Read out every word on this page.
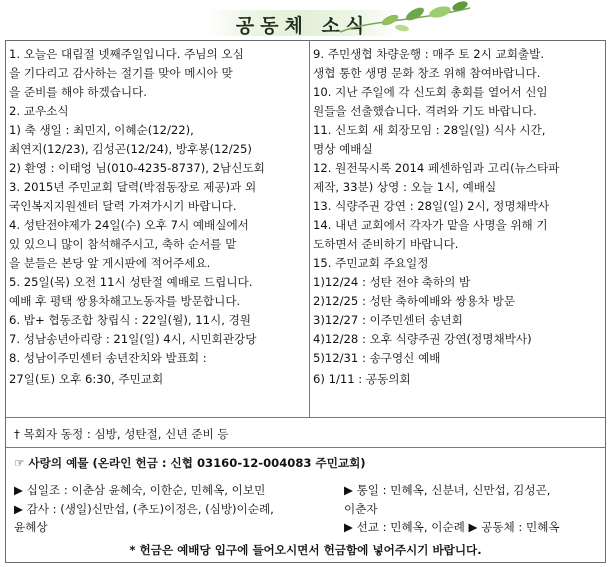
공동체 소식
1. 오늘은 대림절 넷째주일입니다. 주님의 오심
을 기다리고 감사하는 절기를 맞아 메시아 맞
을 준비를 해야 하겠습니다.
2. 교우소식
1) 축 생일 : 최민지, 이혜순(12/22),
최연지(12/23), 김성곤(12/24), 방후봉(12/25)
2) 환영 : 이태엉 님(010-4235-8737), 2남신도회
3. 2015년 주민교회 달력(박점동장로 제공)과 외
국인복지지원센터 달력 가져가시기 바랍니다.
4. 성탄전야제가 24일(수) 오후 7시 예배실에서
있 있으니 많이 참석해주시고, 축하 순서를 맡
을 분들은 본당 앞 게시판에 적어주세요.
5. 25일(목) 오전 11시 성탄절 예배로 드립니다.
예배 후 평택 쌍용차해고노동자를 방문합니다.
6. 밥+ 협동조합 창립식 : 22일(월), 11시, 경원
7. 성남송년아리랑 : 21일(일) 4시, 시민회관강당
8. 성남이주민센터 송년잔치와 발표회 :
27일(토) 오후 6:30, 주민교회
9. 주민생협 차량운행 : 매주 토 2시 교회출발.
생협 통한 생명 문화 창조 위해 참여바랍니다.
10. 지난 주일에 각 신도회 총회를 열어서 신임
원들을 선출했습니다. 격려와 기도 바랍니다.
11. 신도회 새 회장모임 : 28일(일) 식사 시간,
명상 예배실
12. 원전묵시록 2014 페센하임과 고리(뉴스타파
제작, 33분) 상영 : 오늘 1시, 예배실
13. 식량주권 강연 : 28일(일) 2시, 정명채박사
14. 내년 교회에서 각자가 맡을 사명을 위해 기
도하면서 준비하기 바랍니다.
15. 주민교회 주요일정
1)12/24 : 성탄 전야 축하의 밤
2)12/25 : 성탄 축하예배와 쌍용차 방문
3)12/27 : 이주민센터 송년회
4)12/28 : 오후 식량주권 강연(정명채박사)
5)12/31 : 송구영신 예배
6) 1/11 : 공동의회
† 목회자 동정 : 심방, 성탄절, 신년 준비 등
☞ 사랑의 예물 (온라인 헌금 : 신협 03160-12-004083 주민교회)
▶ 십일조 : 이춘삼 윤혜숙, 이한순, 민혜옥, 이보민
▶ 감사 : (생일)신만섭, (추도)이정은, (심방)이순례,
윤혜상
▶ 통일 : 민혜옥, 신분녀, 신만섭, 김성곤,
이춘자
▶ 선교 : 민혜옥, 이순례 ▶ 공동체 : 민혜옥
* 헌금은 예배당 입구에 들어오시면서 헌금함에 넣어주시기 바랍니다.
